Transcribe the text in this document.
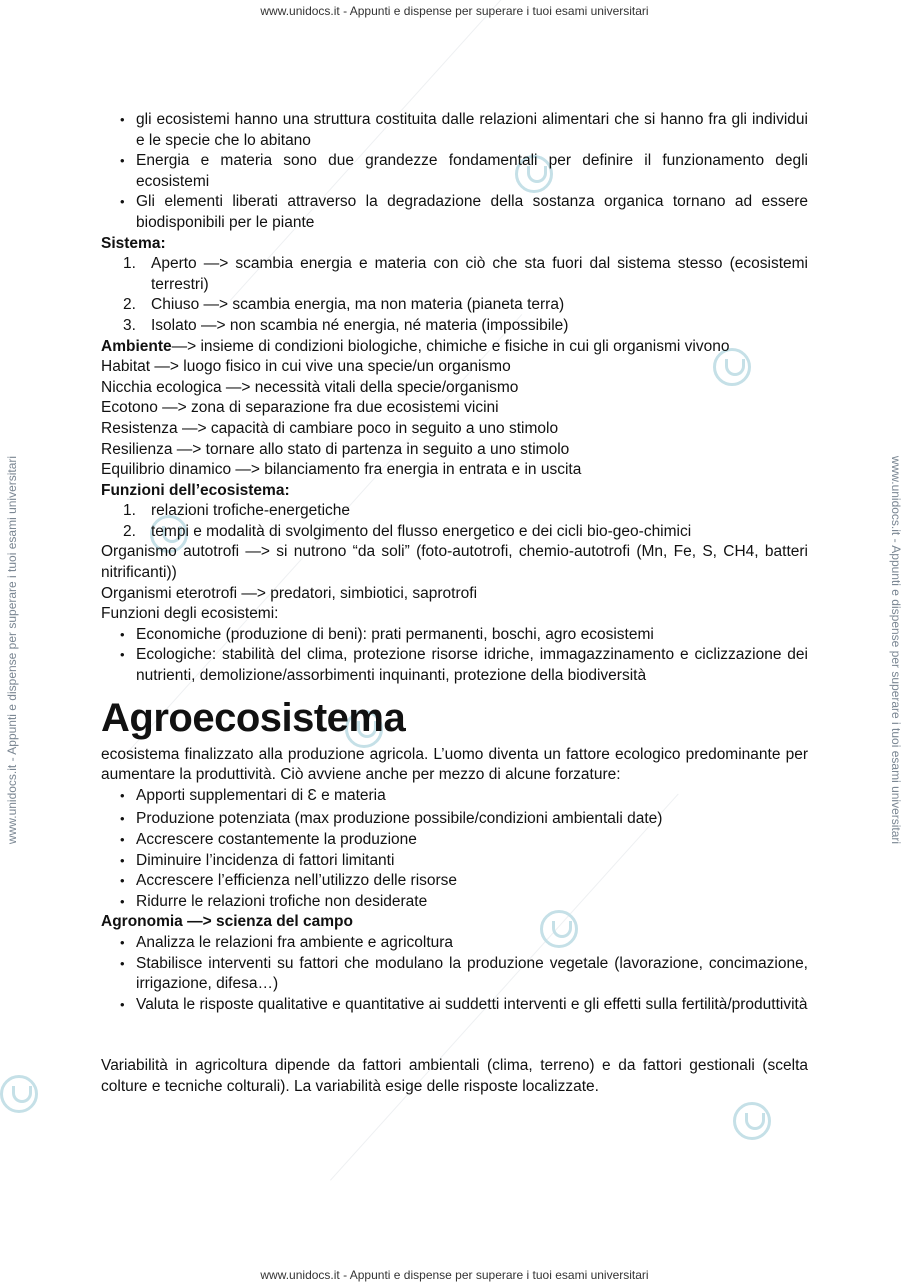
www.unidocs.it - Appunti e dispense per superare i tuoi esami universitari
www.unidocs.it - Appunti e dispense per superare i tuoi esami universitari
www.unidocs.it - Appunti e dispense per superare i tuoi esami universitari	www.unidocs.it - Appunti e dispense per superare i tuoi esami universitari
• gli ecosistemi hanno una struttura costituita dalle relazioni alimentari che si hanno fra gli individui e le specie che lo abitano
• Energia e materia sono due grandezze fondamentali per definire il funzionamento degli ecosistemi
• Gli elementi liberati attraverso la degradazione della sostanza organica tornano ad essere biodisponibili per le piante

Sistema:

1. Aperto —> scambia energia e materia con ciò che sta fuori dal sistema stesso (ecosistemi terrestri)
2. Chiuso —> scambia energia, ma non materia (pianeta terra)
3. Isolato —> non scambia né energia, né materia (impossibile)

Ambiente—> insieme di condizioni biologiche, chimiche e fisiche in cui gli organismi vivono

Habitat —> luogo fisico in cui vive una specie/un organismo

Nicchia ecologica —> necessità vitali della specie/organismo

Ecotono —> zona di separazione fra due ecosistemi vicini

Resistenza —> capacità di cambiare poco in seguito a uno stimolo

Resilienza —> tornare allo stato di partenza in seguito a uno stimolo

Equilibrio dinamico —> bilanciamento fra energia in entrata e in uscita

Funzioni dell’ecosistema:

1. relazioni trofiche-energetiche
2. tempi e modalità di svolgimento del flusso energetico e dei cicli bio-geo-chimici

Organismo autotrofi —> si nutrono “da soli” (foto-autotrofi, chemio-autotrofi (Mn, Fe, S, CH4, batteri nitrificanti))

Organismi eterotrofi —> predatori, simbiotici, saprotrofi

Funzioni degli ecosistemi:

• Economiche (produzione di beni): prati permanenti, boschi, agro ecosistemi
• Ecologiche: stabilità del clima, protezione risorse idriche, immagazzinamento e ciclizzazione dei nutrienti, demolizione/assorbimenti inquinanti, protezione della biodiversità
Agroecosistema

ecosistema finalizzato alla produzione agricola. L’uomo diventa un fattore ecologico predominante per aumentare la produttività. Ciò avviene anche per mezzo di alcune forzature:

• Apporti supplementari di Ɛ e materia
• Produzione potenziata (max produzione possibile/condizioni ambientali date)
• Accrescere costantemente la produzione
• Diminuire l’incidenza di fattori limitanti
• Accrescere l’efficienza nell’utilizzo delle risorse
• Ridurre le relazioni trofiche non desiderate

Agronomia —> scienza del campo

• Analizza le relazioni fra ambiente e agricoltura
• Stabilisce interventi su fattori che modulano la produzione vegetale (lavorazione, concimazione, irrigazione, difesa…)
• Valuta le risposte qualitative e quantitative ai suddetti interventi e gli effetti sulla fertilità/produttività

Variabilità in agricoltura dipende da fattori ambientali (clima, terreno) e da fattori gestionali (scelta colture e tecniche colturali). La variabilità esige delle risposte localizzate.
